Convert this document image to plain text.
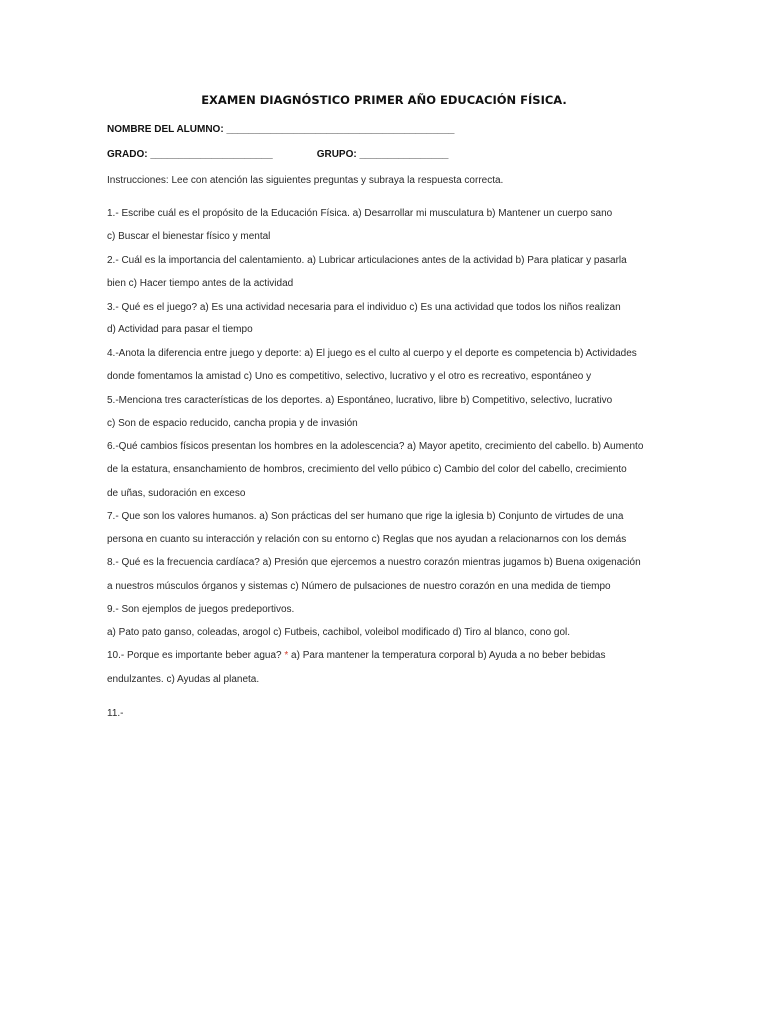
EXAMEN DIAGNÓSTICO PRIMER AÑO EDUCACIÓN FÍSICA.
NOMBRE DEL ALUMNO: _________________________________________
GRADO: ______________________	GRUPO: ________________
Instrucciones: Lee con atención las siguientes preguntas y subraya la respuesta correcta.
1.- Escribe cuál es el propósito de la Educación Física. a) Desarrollar mi musculatura b) Mantener un cuerpo sano
c) Buscar el bienestar físico y mental
2.- Cuál es la importancia del calentamiento. a) Lubricar articulaciones antes de la actividad b) Para platicar y pasarla
bien c) Hacer tiempo antes de la actividad
3.- Qué es el juego? a) Es una actividad necesaria para el individuo c) Es una actividad que todos los niños realizan
d) Actividad para pasar el tiempo
4.-Anota la diferencia entre juego y deporte: a) El juego es el culto al cuerpo y el deporte es competencia b) Actividades
donde fomentamos la amistad c) Uno es competitivo, selectivo, lucrativo y el otro es recreativo, espontáneo y
5.-Menciona tres características de los deportes. a) Espontáneo, lucrativo, libre b) Competitivo, selectivo, lucrativo
c) Son de espacio reducido, cancha propia y de invasión
6.-Qué cambios físicos presentan los hombres en la adolescencia? a) Mayor apetito, crecimiento del cabello. b) Aumento
de la estatura, ensanchamiento de hombros, crecimiento del vello púbico c) Cambio del color del cabello, crecimiento
de uñas, sudoración en exceso
7.- Que son los valores humanos. a) Son prácticas del ser humano que rige la iglesia b) Conjunto de virtudes de una
persona en cuanto su interacción y relación con su entorno c) Reglas que nos ayudan a relacionarnos con los demás
8.- Qué es la frecuencia cardíaca? a) Presión que ejercemos a nuestro corazón mientras jugamos b) Buena oxigenación
a nuestros músculos órganos y sistemas c) Número de pulsaciones de nuestro corazón en una medida de tiempo
9.- Son ejemplos de juegos predeportivos.
a) Pato pato ganso, coleadas, arogol c) Futbeis, cachibol, voleibol modificado d) Tiro al blanco, cono gol.
10.- Porque es importante beber agua? * a) Para mantener la temperatura corporal b) Ayuda a no beber bebidas
endulzantes. c) Ayudas al planeta.
11.-
